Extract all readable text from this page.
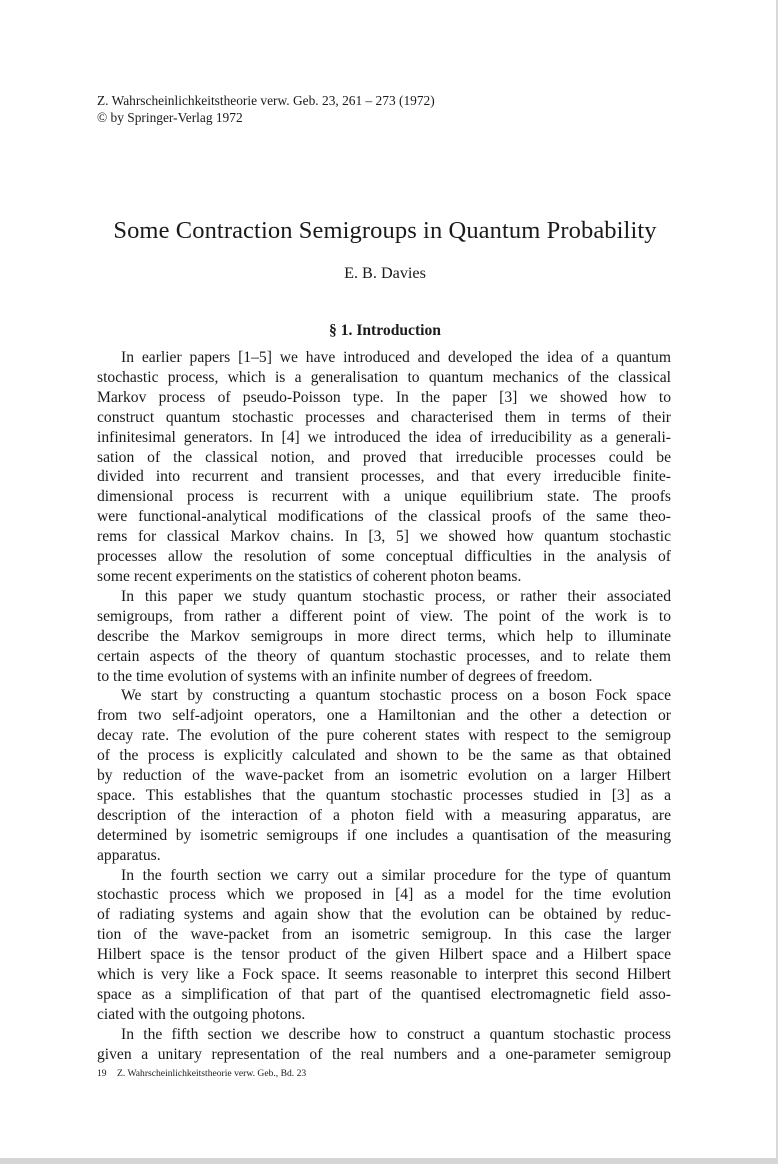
Z. Wahrscheinlichkeitstheorie verw. Geb. 23, 261 – 273 (1972)
© by Springer-Verlag 1972
Some Contraction Semigroups in Quantum Probability
E. B. Davies
§ 1. Introduction

In earlier papers [1–5] we have introduced and developed the idea of a quantum
stochastic process, which is a generalisation to quantum mechanics of the classical
Markov process of pseudo-Poisson type. In the paper [3] we showed how to
construct quantum stochastic processes and characterised them in terms of their
infinitesimal generators. In [4] we introduced the idea of irreducibility as a generali-
sation of the classical notion, and proved that irreducible processes could be
divided into recurrent and transient processes, and that every irreducible finite-
dimensional process is recurrent with a unique equilibrium state. The proofs
were functional-analytical modifications of the classical proofs of the same theo-
rems for classical Markov chains. In [3, 5] we showed how quantum stochastic
processes allow the resolution of some conceptual difficulties in the analysis of
some recent experiments on the statistics of coherent photon beams.

In this paper we study quantum stochastic process, or rather their associated
semigroups, from rather a different point of view. The point of the work is to
describe the Markov semigroups in more direct terms, which help to illuminate
certain aspects of the theory of quantum stochastic processes, and to relate them
to the time evolution of systems with an infinite number of degrees of freedom.

We start by constructing a quantum stochastic process on a boson Fock space
from two self-adjoint operators, one a Hamiltonian and the other a detection or
decay rate. The evolution of the pure coherent states with respect to the semigroup
of the process is explicitly calculated and shown to be the same as that obtained
by reduction of the wave-packet from an isometric evolution on a larger Hilbert
space. This establishes that the quantum stochastic processes studied in [3] as a
description of the interaction of a photon field with a measuring apparatus, are
determined by isometric semigroups if one includes a quantisation of the measuring
apparatus.

In the fourth section we carry out a similar procedure for the type of quantum
stochastic process which we proposed in [4] as a model for the time evolution
of radiating systems and again show that the evolution can be obtained by reduc-
tion of the wave-packet from an isometric semigroup. In this case the larger
Hilbert space is the tensor product of the given Hilbert space and a Hilbert space
which is very like a Fock space. It seems reasonable to interpret this second Hilbert
space as a simplification of that part of the quantised electromagnetic field asso-
ciated with the outgoing photons.

In the fifth section we describe how to construct a quantum stochastic process
given a unitary representation of the real numbers and a one-parameter semigroup

19 Z. Wahrscheinlichkeitstheorie verw. Geb., Bd. 23
